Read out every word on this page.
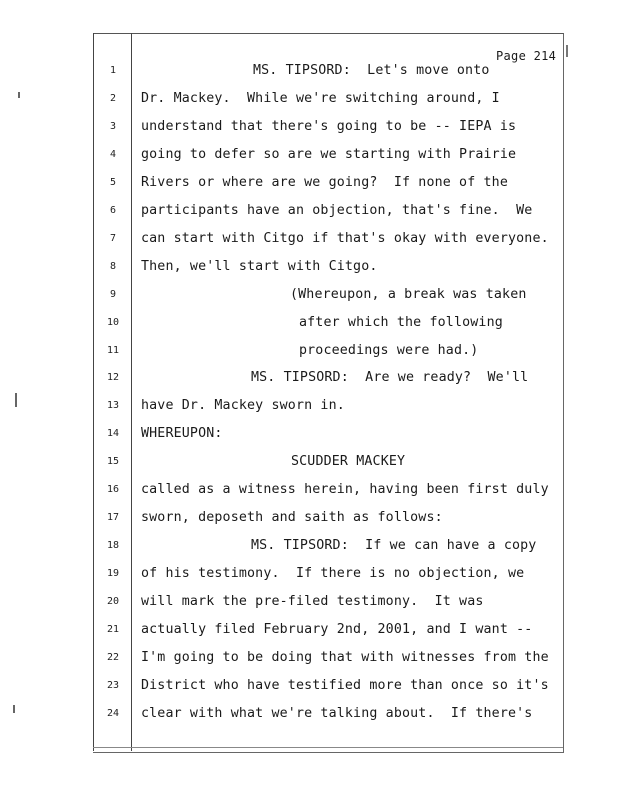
Page 214
1	MS. TIPSORD:  Let's move onto
2	Dr. Mackey.  While we're switching around, I
3	understand that there's going to be -- IEPA is
4	going to defer so are we starting with Prairie
5	Rivers or where are we going?  If none of the
6	participants have an objection, that's fine.  We
7	can start with Citgo if that's okay with everyone.
8	Then, we'll start with Citgo.
9	(Whereupon, a break was taken
10	after which the following
11	proceedings were had.)
12	MS. TIPSORD:  Are we ready?  We'll
13	have Dr. Mackey sworn in.
14	WHEREUPON:
15	SCUDDER MACKEY
16	called as a witness herein, having been first duly
17	sworn, deposeth and saith as follows:
18	MS. TIPSORD:  If we can have a copy
19	of his testimony.  If there is no objection, we
20	will mark the pre-filed testimony.  It was
21	actually filed February 2nd, 2001, and I want --
22	I'm going to be doing that with witnesses from the
23	District who have testified more than once so it's
24	clear with what we're talking about.  If there's
